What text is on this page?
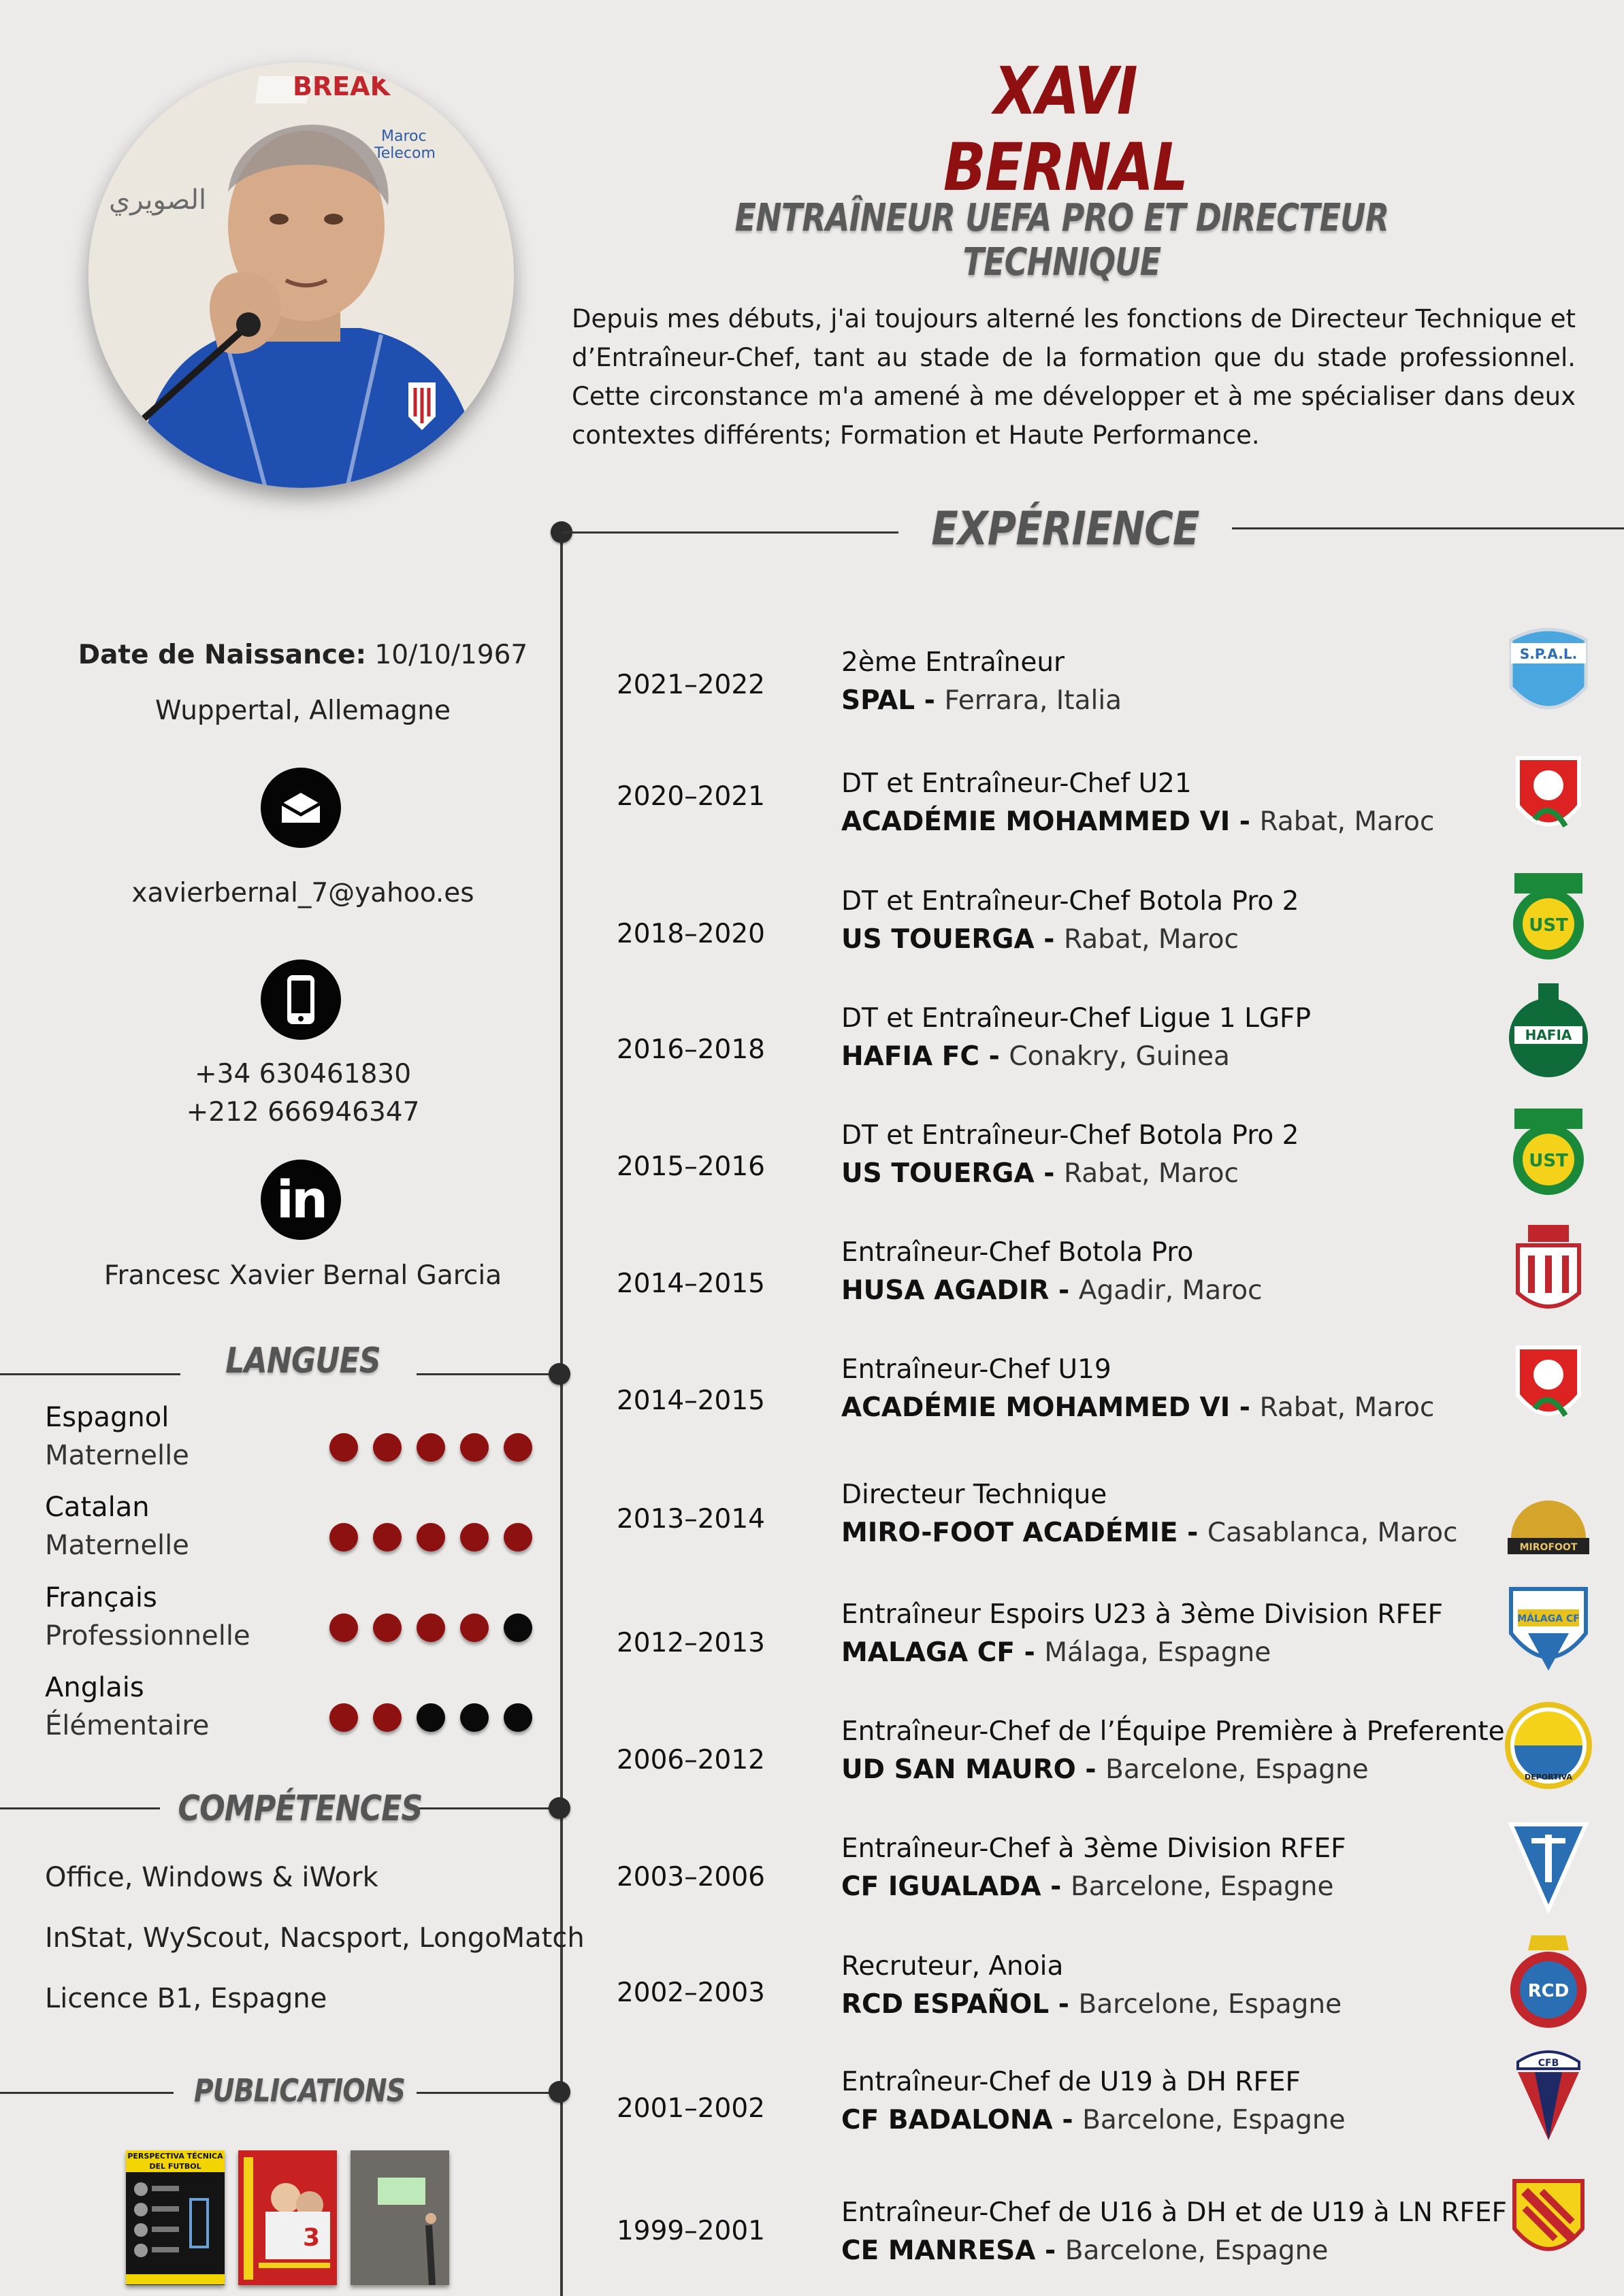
BREAK
Maroc
Telecom
الصويري
XAVI BERNAL
ENTRAÎNEUR UEFA PRO ET DIRECTEUR TECHNIQUE
Depuis mes débuts, j'ai toujours alterné les fonctions de Directeur Technique et d’Entraîneur-Chef, tant au stade de la formation que du stade professionnel. Cette circonstance m'a amené à me développer et à me spécialiser dans deux contextes différents; Formation et Haute Performance.
EXPÉRIENCE
Date de Naissance: 10/10/1967
Wuppertal, Allemagne
xavierbernal_7@yahoo.es
+34 630461830
+212 666946347
in
Francesc Xavier Bernal Garcia
LANGUES
Espagnol
Maternelle
Catalan
Maternelle
Français
Professionnelle
Anglais
Élémentaire
COMPÉTENCES
Office, Windows & iWork
InStat, WyScout, Nacsport, LongoMatch
Licence B1, Espagne
PUBLICATIONS
PERSPECTIVA TÉCNICA
DEL FUTBOL
3
2021–2022
2ème Entraîneur
SPAL - Ferrara, Italia
S.P.A.L.
2020–2021	DT et Entraîneur-Chef U21
ACADÉMIE MOHAMMED VI - Rabat, Maroc
2018–2020
DT et Entraîneur-Chef Botola Pro 2
US TOUERGA - Rabat, Maroc	UST
2016–2018
DT et Entraîneur-Chef Ligue 1 LGFP
HAFIA FC - Conakry, Guinea
HAFIA
2015–2016
DT et Entraîneur-Chef Botola Pro 2
US TOUERGA - Rabat, Maroc	UST
2014–2015
Entraîneur-Chef Botola Pro
HUSA AGADIR - Agadir, Maroc
2014–2015
Entraîneur-Chef U19
ACADÉMIE MOHAMMED VI - Rabat, Maroc
2013–2014
Directeur Technique
MIRO-FOOT ACADÉMIE - Casablanca, Maroc	MIROFOOT
2012–2013
Entraîneur Espoirs U23 à 3ème Division RFEF
MALAGA CF - Málaga, Espagne
MÁLAGA CF
2006–2012
Entraîneur-Chef de l’Équipe Première à Preferente
UD SAN MAURO - Barcelone, Espagne	DEPORTIVA
2003–2006
Entraîneur-Chef à 3ème Division RFEF
CF IGUALADA - Barcelone, Espagne
2002–2003
Recruteur, Anoia
RCD ESPAÑOL - Barcelone, Espagne	RCD
2001–2002
Entraîneur-Chef de U19 à DH RFEF
CF BADALONA - Barcelone, Espagne
CFB
1999–2001
Entraîneur-Chef de U16 à DH et de U19 à LN RFEF
CE MANRESA - Barcelone, Espagne
